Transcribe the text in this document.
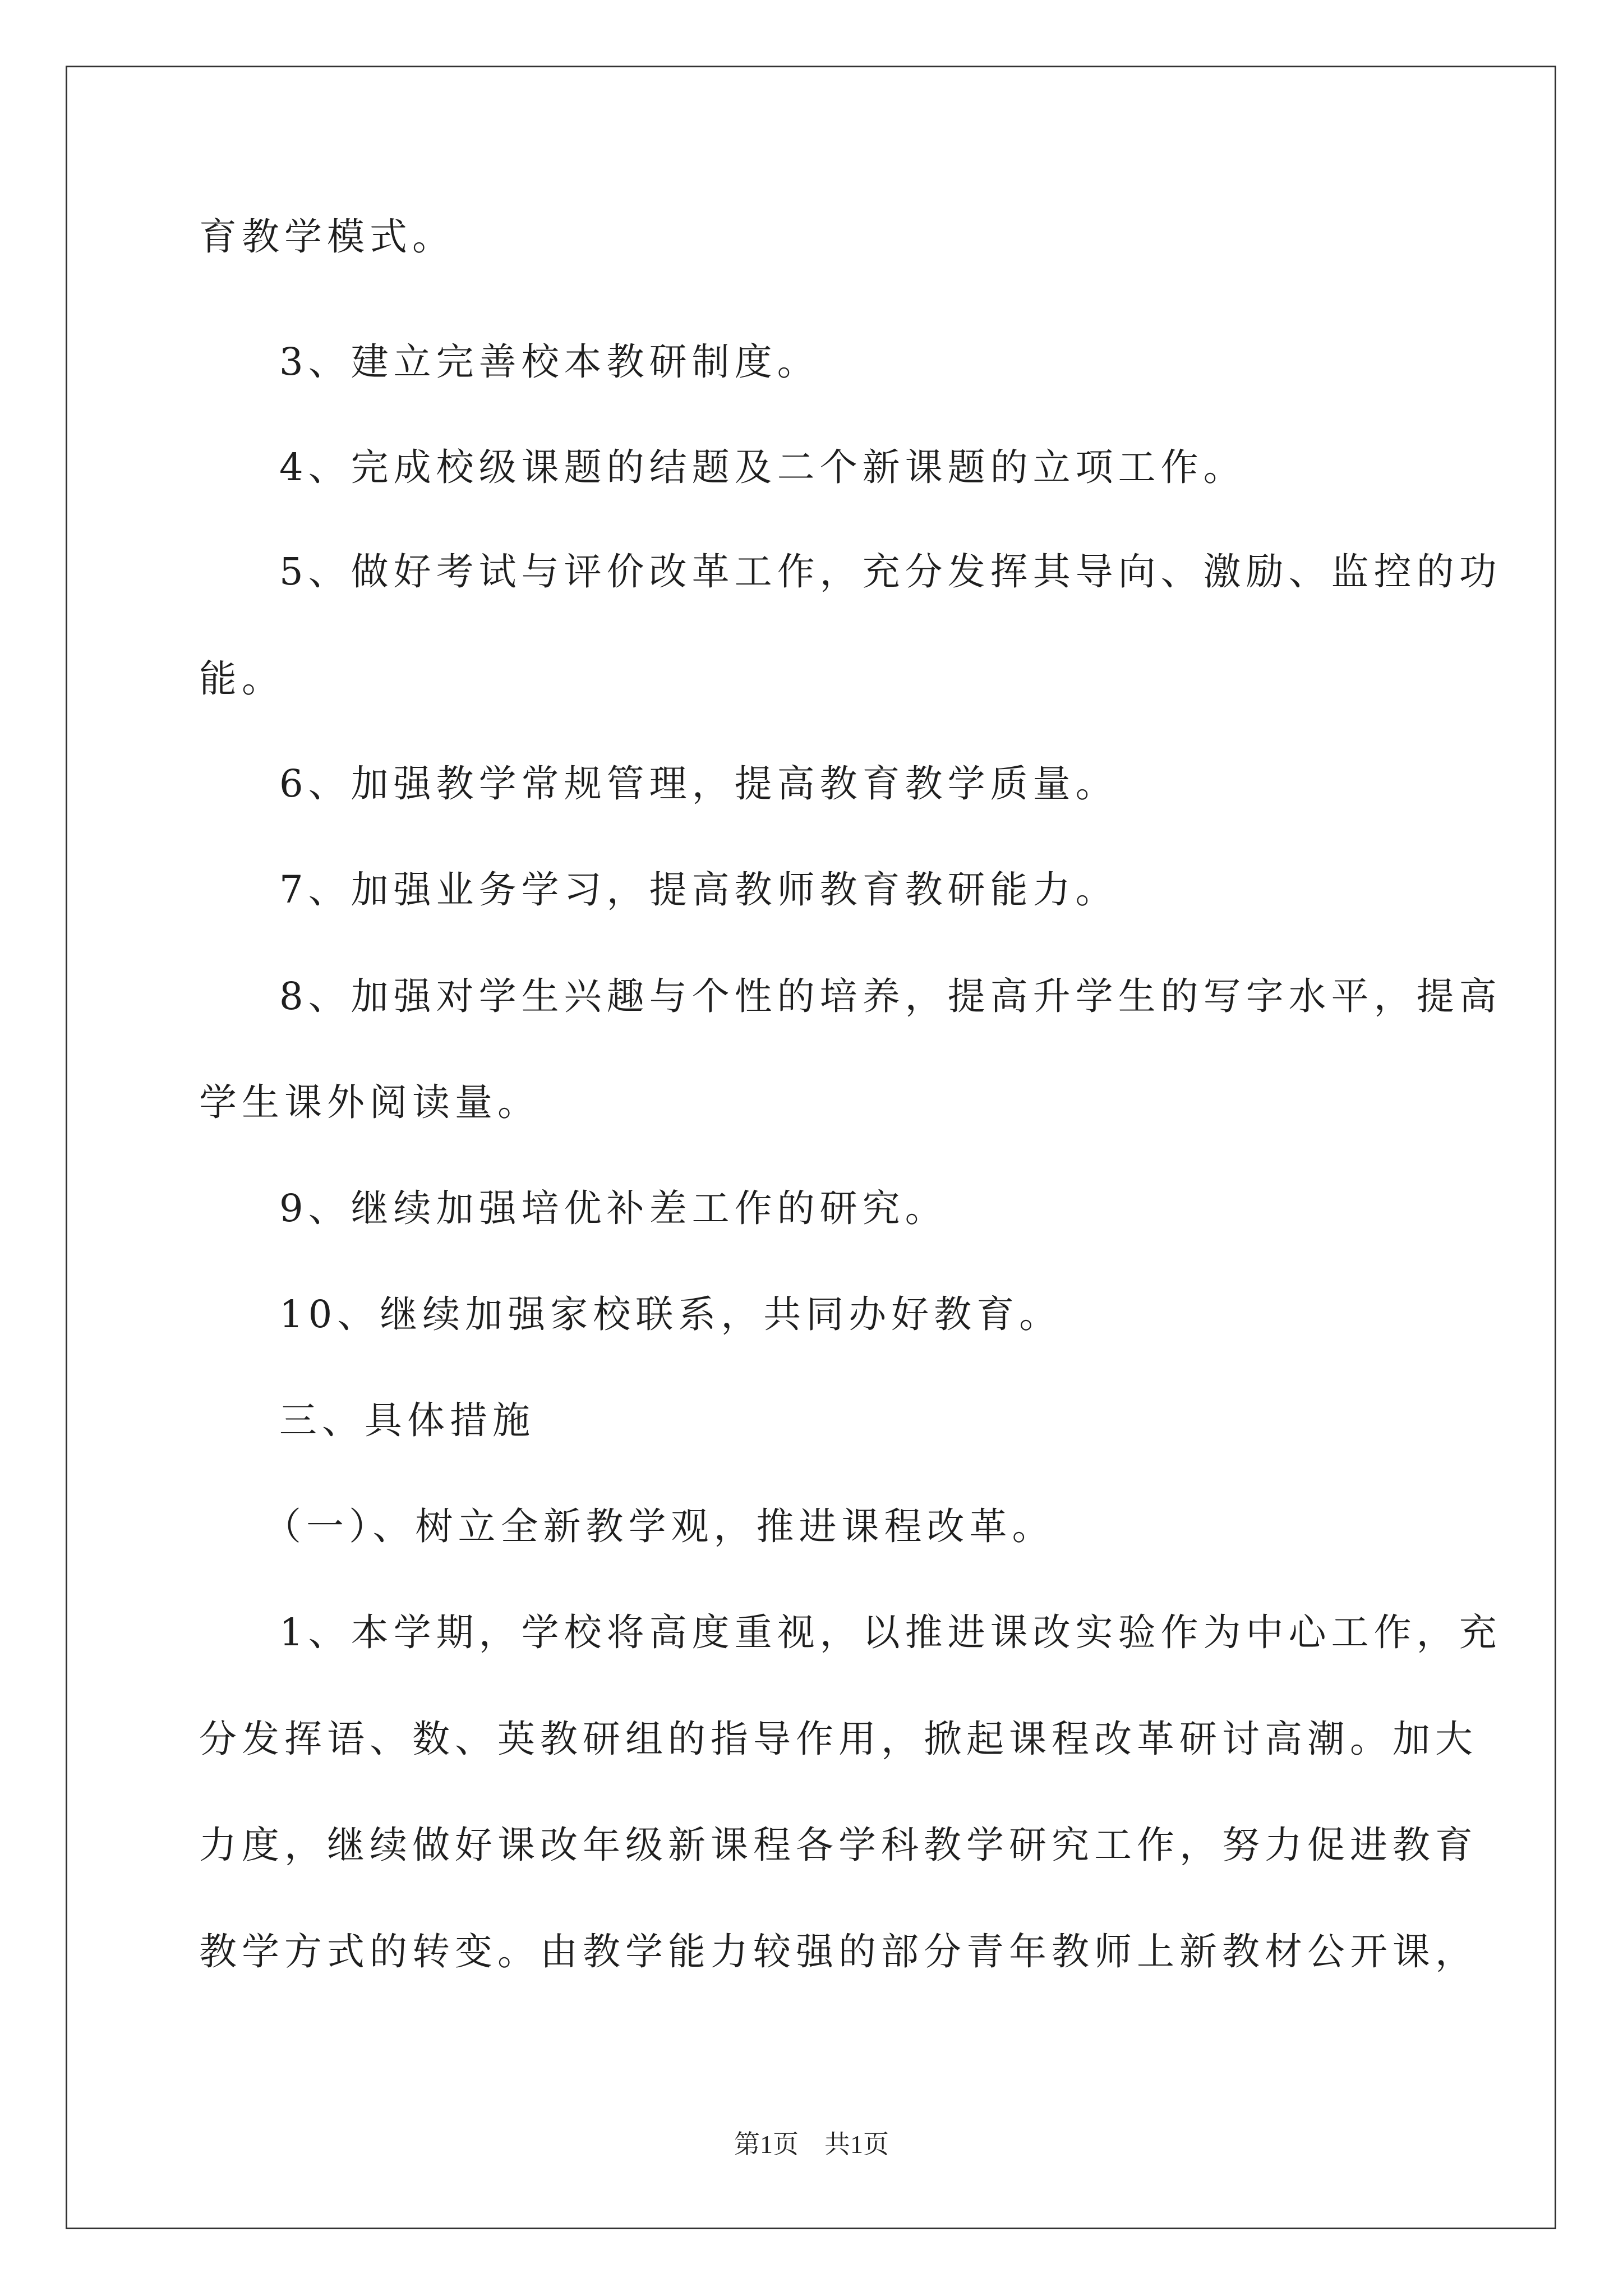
育教学模式。
3、建立完善校本教研制度。
4、完成校级课题的结题及二个新课题的立项工作。
5、做好考试与评价改革工作，充分发挥其导向、激励、监控的功
能。
6、加强教学常规管理，提高教育教学质量。
7、加强业务学习，提高教师教育教研能力。
8、加强对学生兴趣与个性的培养，提高升学生的写字水平，提高
学生课外阅读量。
9、继续加强培优补差工作的研究。
10、继续加强家校联系，共同办好教育。
三、具体措施
（一）、树立全新教学观，推进课程改革。
1、本学期，学校将高度重视，以推进课改实验作为中心工作，充
分发挥语、数、英教研组的指导作用，掀起课程改革研讨高潮。加大
力度，继续做好课改年级新课程各学科教学研究工作，努力促进教育
教学方式的转变。由教学能力较强的部分青年教师上新教材公开课，
第1页 共1页
